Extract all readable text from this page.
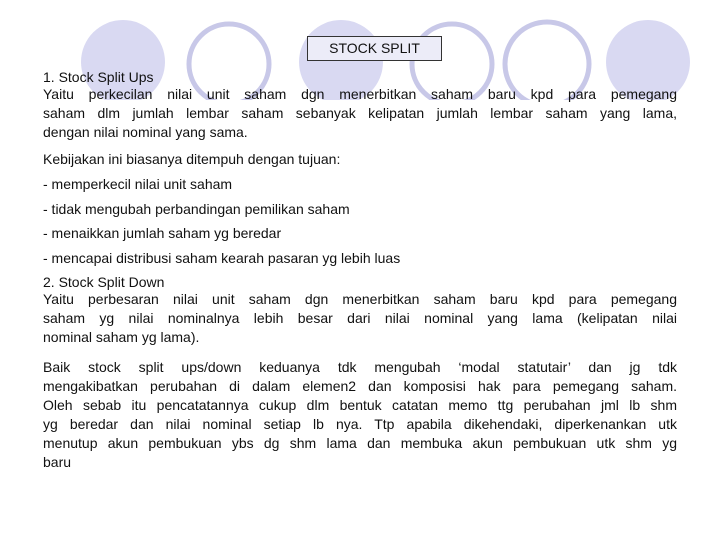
STOCK SPLIT

1. Stock Split Ups

Yaitu perkecilan nilai unit saham dgn menerbitkan saham baru kpd para pemegang

saham dlm jumlah lembar saham sebanyak kelipatan jumlah lembar saham yang lama,

dengan nilai nominal yang sama.

Kebijakan ini biasanya ditempuh dengan tujuan:

- memperkecil nilai unit saham

- tidak mengubah perbandingan pemilikan saham

- menaikkan jumlah saham yg beredar

- mencapai distribusi saham kearah pasaran yg lebih luas

2. Stock Split Down

Yaitu perbesaran nilai unit saham dgn menerbitkan saham baru kpd para pemegang

saham yg nilai nominalnya lebih besar dari nilai nominal yang lama (kelipatan nilai

nominal saham yg lama).

Baik stock split ups/down keduanya tdk mengubah ‘modal statutair’ dan jg tdk

mengakibatkan perubahan di dalam elemen2 dan komposisi hak para pemegang saham.

Oleh sebab itu pencatatannya cukup dlm bentuk catatan memo ttg perubahan jml lb shm

yg beredar dan nilai nominal setiap lb nya. Ttp apabila dikehendaki, diperkenankan utk

menutup akun pembukuan ybs dg shm lama dan membuka akun pembukuan utk shm yg

baru
